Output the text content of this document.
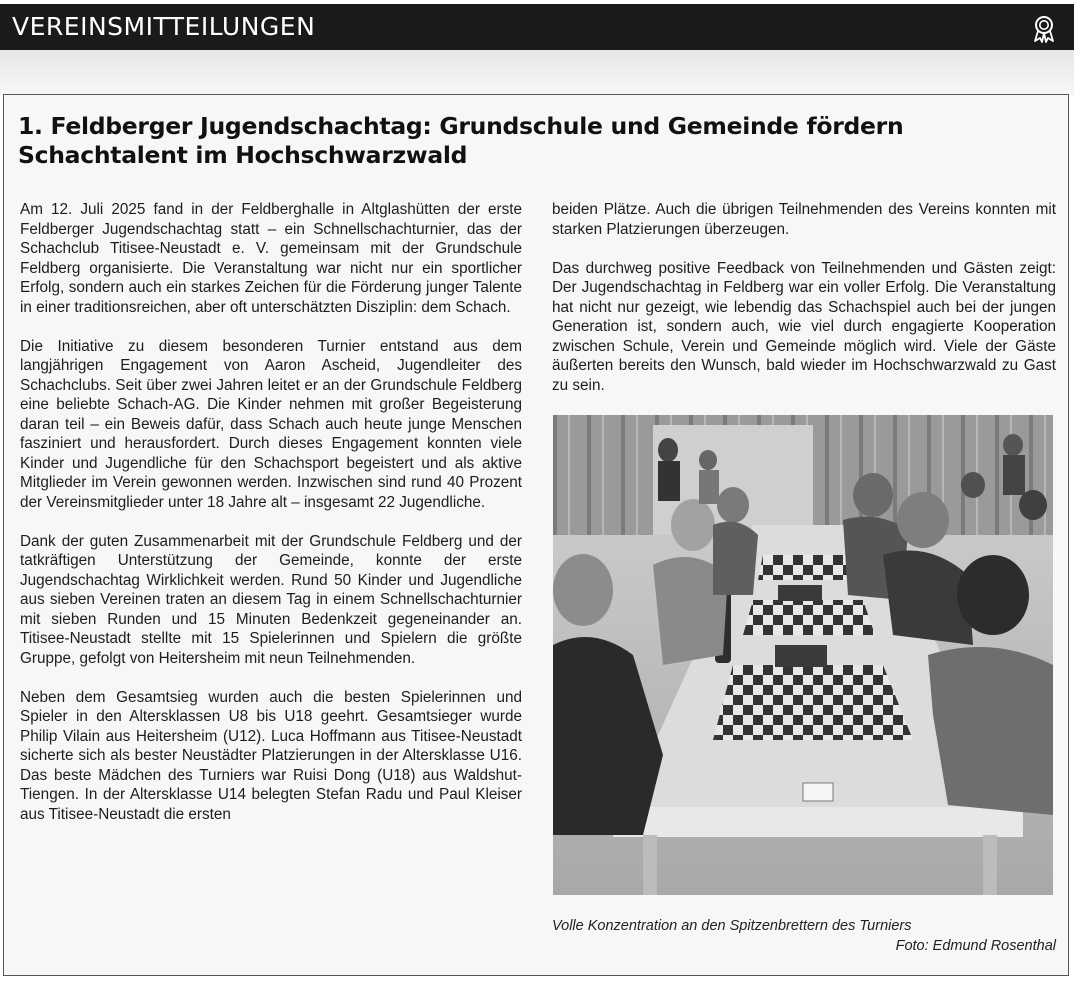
VEREINSMITTEILUNGEN
1. Feldberger Jugendschachtag: Grundschule und Gemeinde fördern Schachtalent im Hochschwarzwald

Am 12. Juli 2025 fand in der Feldberghalle in Altglashütten der erste Feldberger Jugendschachtag statt – ein Schnellschachturnier, das der Schachclub Titisee-Neustadt e. V. gemeinsam mit der Grundschule Feldberg organisierte. Die Veranstaltung war nicht nur ein sportlicher Erfolg, sondern auch ein starkes Zeichen für die Förderung junger Talente in einer traditionsreichen, aber oft unterschätzten Disziplin: dem Schach.

Die Initiative zu diesem besonderen Turnier entstand aus dem langjährigen Engagement von Aaron Ascheid, Jugendleiter des Schachclubs. Seit über zwei Jahren leitet er an der Grundschule Feldberg eine beliebte Schach-AG. Die Kinder nehmen mit großer Begeisterung daran teil – ein Beweis dafür, dass Schach auch heute junge Menschen fasziniert und herausfordert. Durch dieses Engagement konnten viele Kinder und Jugendliche für den Schachsport begeistert und als aktive Mitglieder im Verein gewonnen werden. Inzwischen sind rund 40 Prozent der Vereinsmitglieder unter 18 Jahre alt – insgesamt 22 Jugendliche.

Dank der guten Zusammenarbeit mit der Grundschule Feldberg und der tatkräftigen Unterstützung der Gemeinde, konnte der erste Jugendschachtag Wirklichkeit werden. Rund 50 Kinder und Jugendliche aus sieben Vereinen traten an diesem Tag in einem Schnellschachturnier mit sieben Runden und 15 Minuten Bedenkzeit gegeneinander an. Titisee-Neustadt stellte mit 15 Spielerinnen und Spielern die größte Gruppe, gefolgt von Heitersheim mit neun Teilnehmenden.

Neben dem Gesamtsieg wurden auch die besten Spielerinnen und Spieler in den Altersklassen U8 bis U18 geehrt. Gesamtsieger wurde Philip Vilain aus Heitersheim (U12). Luca Hoffmann aus Titisee-Neustadt sicherte sich als bester Neustädter Platzierungen in der Altersklasse U16. Das beste Mädchen des Turniers war Ruisi Dong (U18) aus Waldshut-Tiengen. In der Altersklasse U14 belegten Stefan Radu und Paul Kleiser aus Titisee-Neustadt die ersten

beiden Plätze. Auch die übrigen Teilnehmenden des Vereins konnten mit starken Platzierungen überzeugen.

Das durchweg positive Feedback von Teilnehmenden und Gästen zeigt: Der Jugendschachtag in Feldberg war ein voller Erfolg. Die Veranstaltung hat nicht nur gezeigt, wie lebendig das Schachspiel auch bei der jungen Generation ist, sondern auch, wie viel durch engagierte Kooperation zwischen Schule, Verein und Gemeinde möglich wird. Viele der Gäste äußerten bereits den Wunsch, bald wieder im Hochschwarzwald zu Gast zu sein.

Volle Konzentration an den Spitzenbrettern des Turniers
Foto: Edmund Rosenthal
